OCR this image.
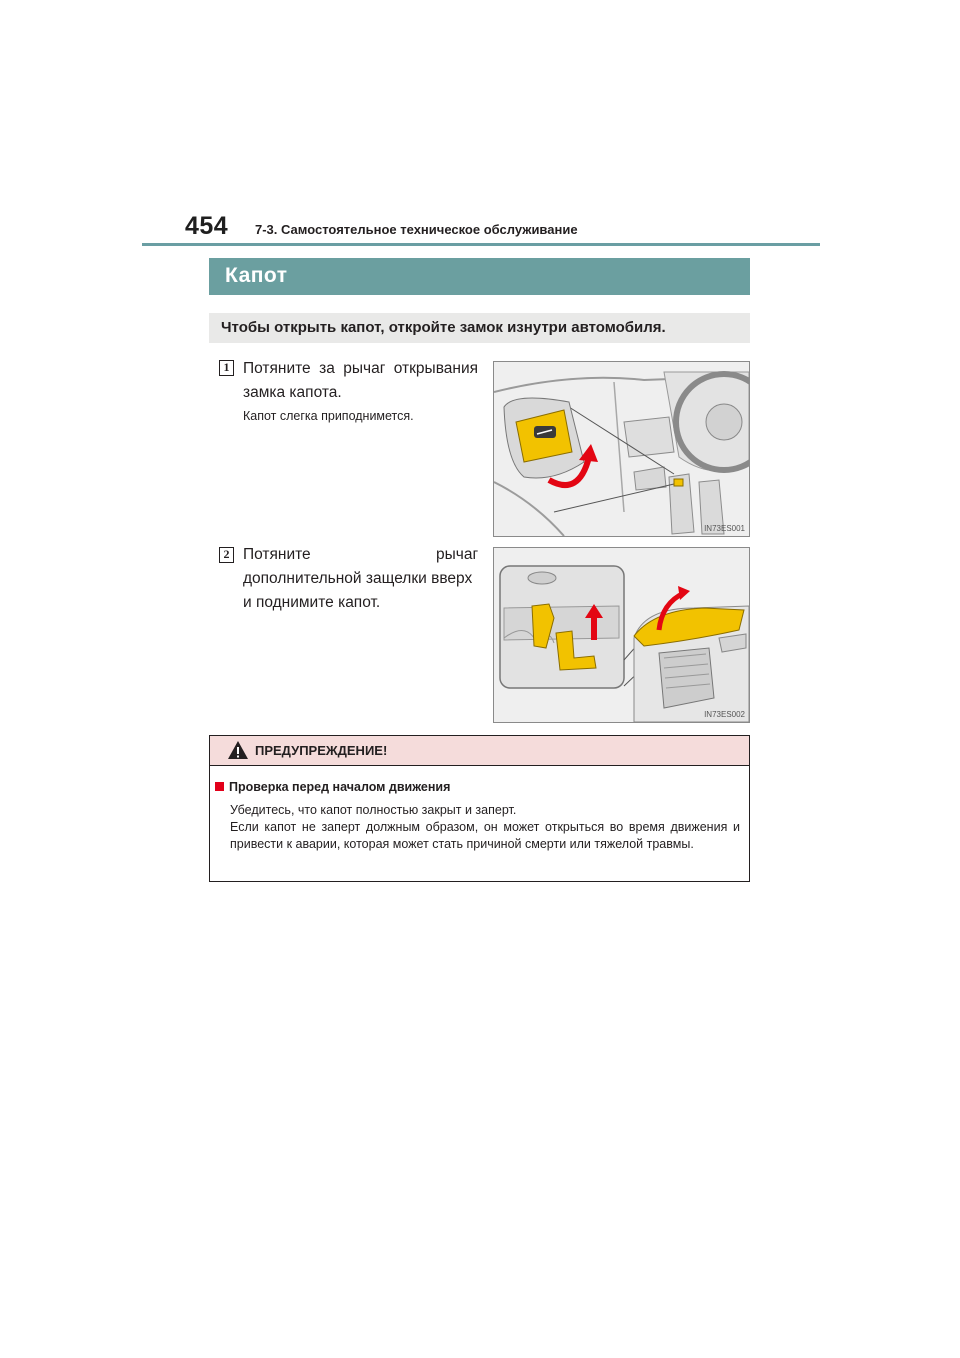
454 7-3. Самостоятельное техническое обслуживание
Капот
Чтобы открыть капот, откройте замок изнутри автомобиля.
1 Потяните за рычаг открывания
замка капота.
Капот слегка приподнимется.
IN73ES001
2 Потяните	рычаг
дополнительной защелки вверх
и поднимите капот.
IN73ES002
ПРЕДУПРЕЖДЕНИЕ!
Проверка перед началом движения

Убедитесь, что капот полностью закрыт и заперт.

Если капот не заперт должным образом, он может открыться во время движения и привести к аварии, которая может стать причиной смерти или тяжелой травмы.
